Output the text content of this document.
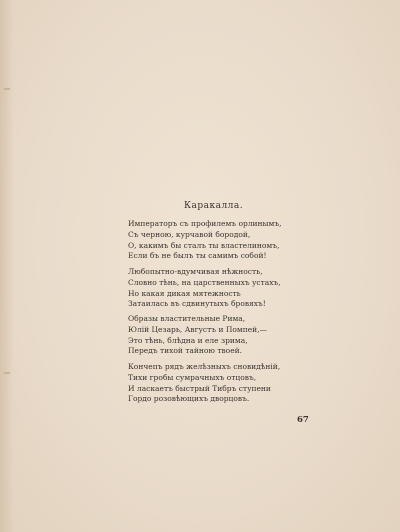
Каракалла.
Императоръ съ профилемъ орлинымъ,
Съ черною, курчавой бородой,
О, какимъ бы сталъ ты властелиномъ,
Если бъ не былъ ты самимъ собой!
Любопытно-вдумчивая нѣжность,
Словно тѣнь, на царственныхъ устахъ,
Но какая дикая мятежность
Затаилась въ сдвинутыхъ бровяхъ!
Образы властительные Рима,
Юлій Цезарь, Августъ и Помпей,—
Это тѣнь, блѣдна и еле зрима,
Передъ тихой тайною твоей.
Кончепъ рядъ желѣзныхъ сновидѣній,
Тихи гробы сумрачныхъ отцовъ,
И ласкаетъ быстрый Тибръ ступени
Гордо розовѣющихъ дворцовъ.
67
